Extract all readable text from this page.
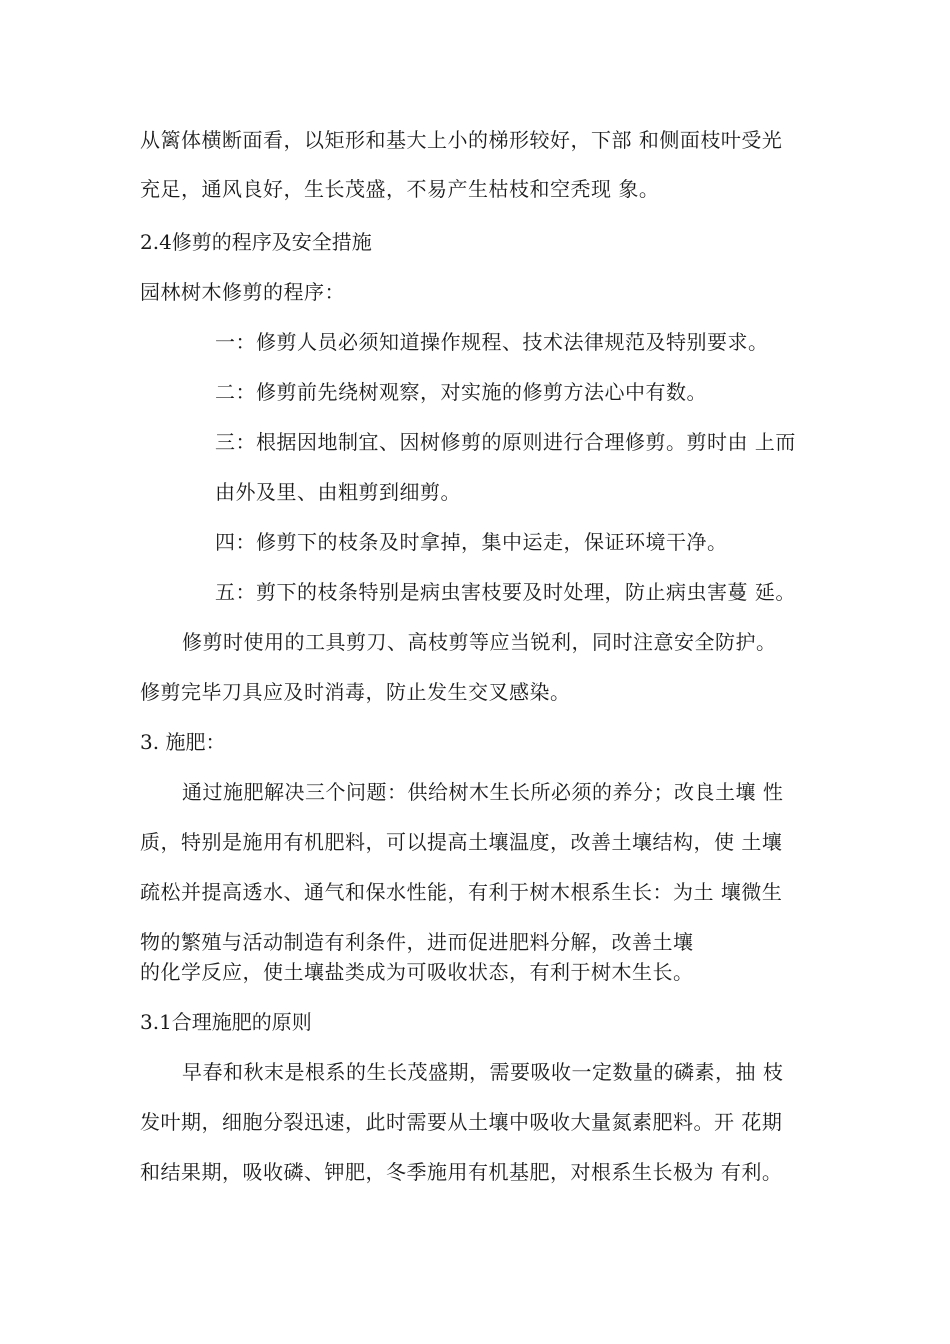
从篱体横断面看，以矩形和基大上小的梯形较好，下部 和侧面枝叶受光
充足，通风良好，生长茂盛，不易产生枯枝和空秃现 象。
2.4修剪的程序及安全措施
园林树木修剪的程序：
一：修剪人员必须知道操作规程、技术法律规范及特别要求。
二：修剪前先绕树观察，对实施的修剪方法心中有数。
三：根据因地制宜、因树修剪的原则进行合理修剪。剪时由 上而
由外及里、由粗剪到细剪。
四：修剪下的枝条及时拿掉，集中运走，保证环境干净。
五：剪下的枝条特别是病虫害枝要及时处理，防止病虫害蔓 延。
修剪时使用的工具剪刀、高枝剪等应当锐利，同时注意安全防护。
修剪完毕刀具应及时消毒，防止发生交叉感染。
3. 施肥：
通过施肥解决三个问题：供给树木生长所必须的养分；改良土壤 性
质，特别是施用有机肥料，可以提高土壤温度，改善土壤结构，使 土壤
疏松并提高透水、通气和保水性能，有利于树木根系生长：为土 壤微生
物的繁殖与活动制造有利条件，进而促进肥料分解，改善土壤
的化学反应，使土壤盐类成为可吸收状态，有利于树木生长。
3.1合理施肥的原则
早春和秋末是根系的生长茂盛期，需要吸收一定数量的磷素，抽 枝
发叶期，细胞分裂迅速，此时需要从土壤中吸收大量氮素肥料。开 花期
和结果期，吸收磷、钾肥，冬季施用有机基肥，对根系生长极为 有利。
